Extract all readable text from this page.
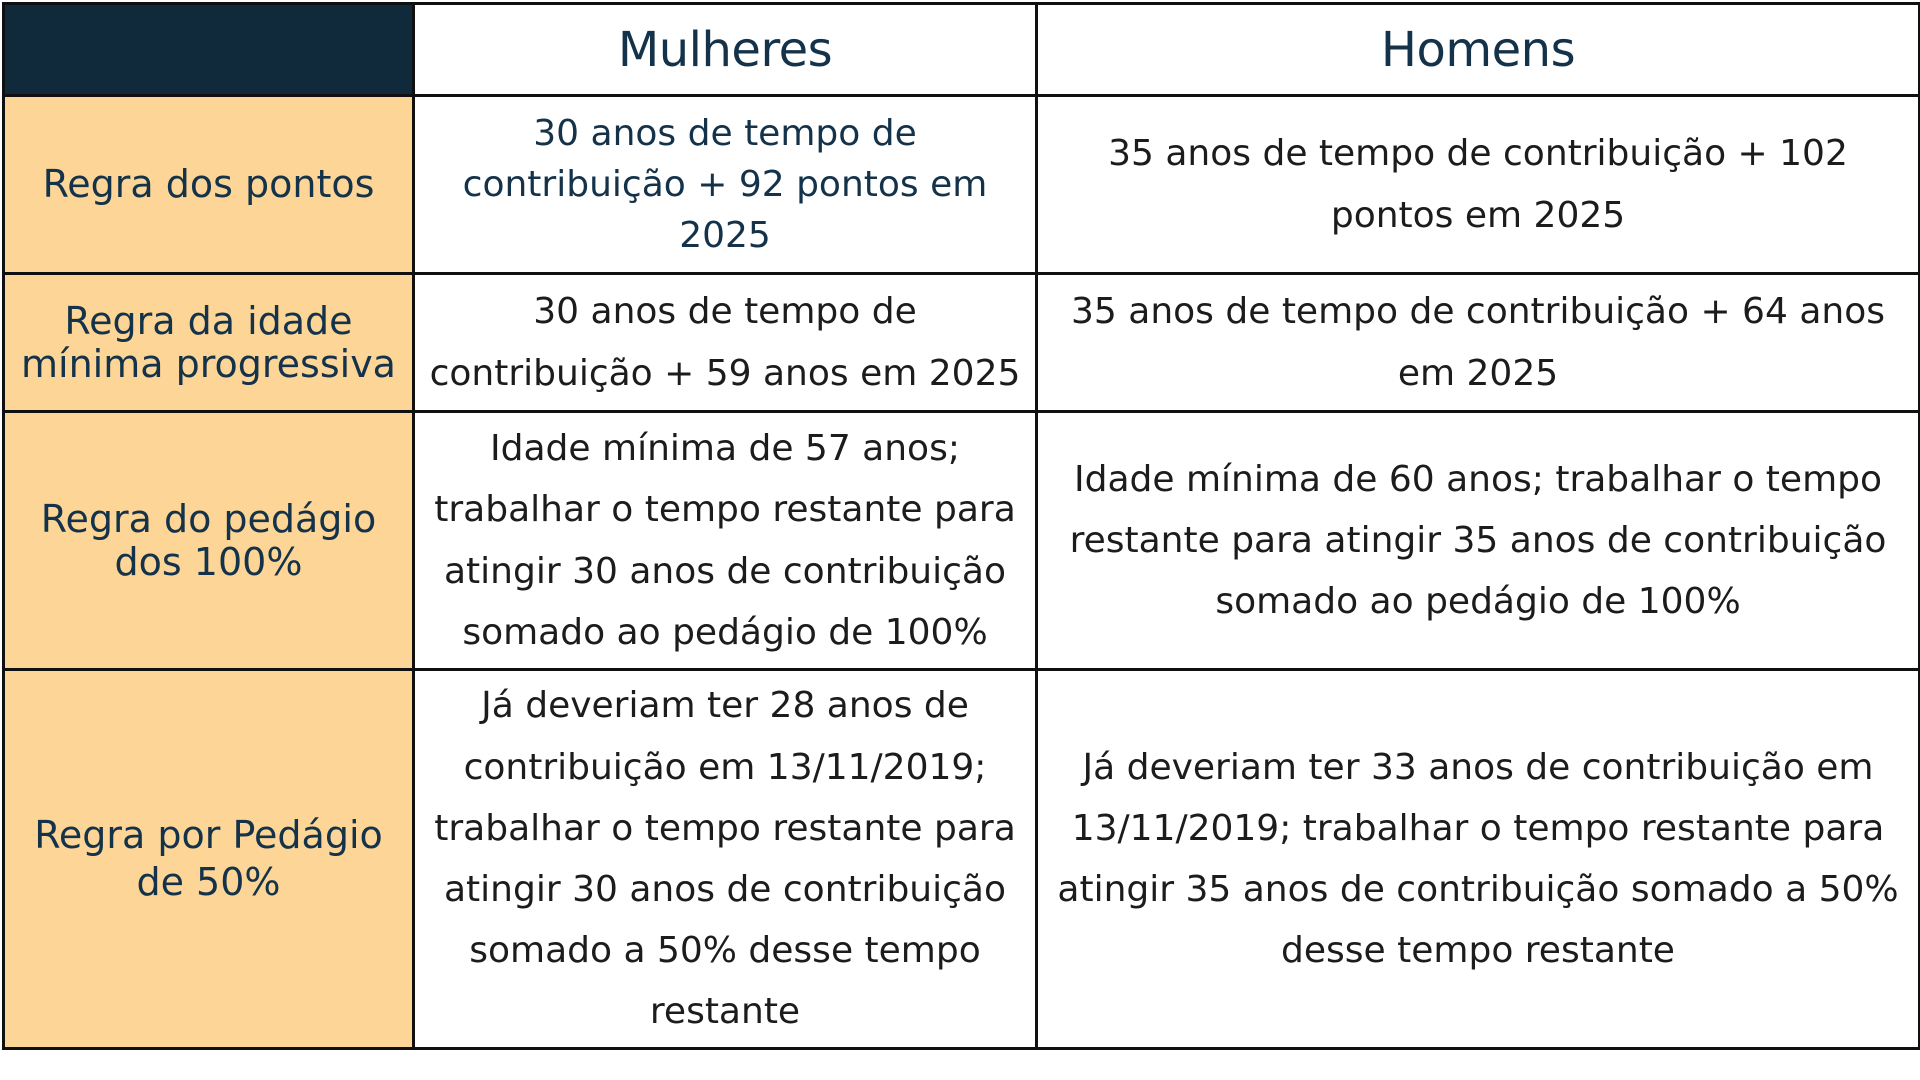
	Mulheres	Homens
Regra dos pontos	30 anos de tempo de contribuição + 92 pontos em 2025	35 anos de tempo de contribuição + 102 pontos em 2025
Regra da idade mínima progressiva	30 anos de tempo de contribuição + 59 anos em 2025	35 anos de tempo de contribuição + 64 anos em 2025
Regra do pedágio dos 100%	Idade mínima de 57 anos; trabalhar o tempo restante para atingir 30 anos de contribuição somado ao pedágio de 100%	Idade mínima de 60 anos; trabalhar o tempo restante para atingir 35 anos de contribuição somado ao pedágio de 100%
Regra por Pedágio de 50%	Já deveriam ter 28 anos de contribuição em 13/11/2019; trabalhar o tempo restante para atingir 30 anos de contribuição somado a 50% desse tempo restante	Já deveriam ter 33 anos de contribuição em 13/11/2019; trabalhar o tempo restante para atingir 35 anos de contribuição somado a 50% desse tempo restante
